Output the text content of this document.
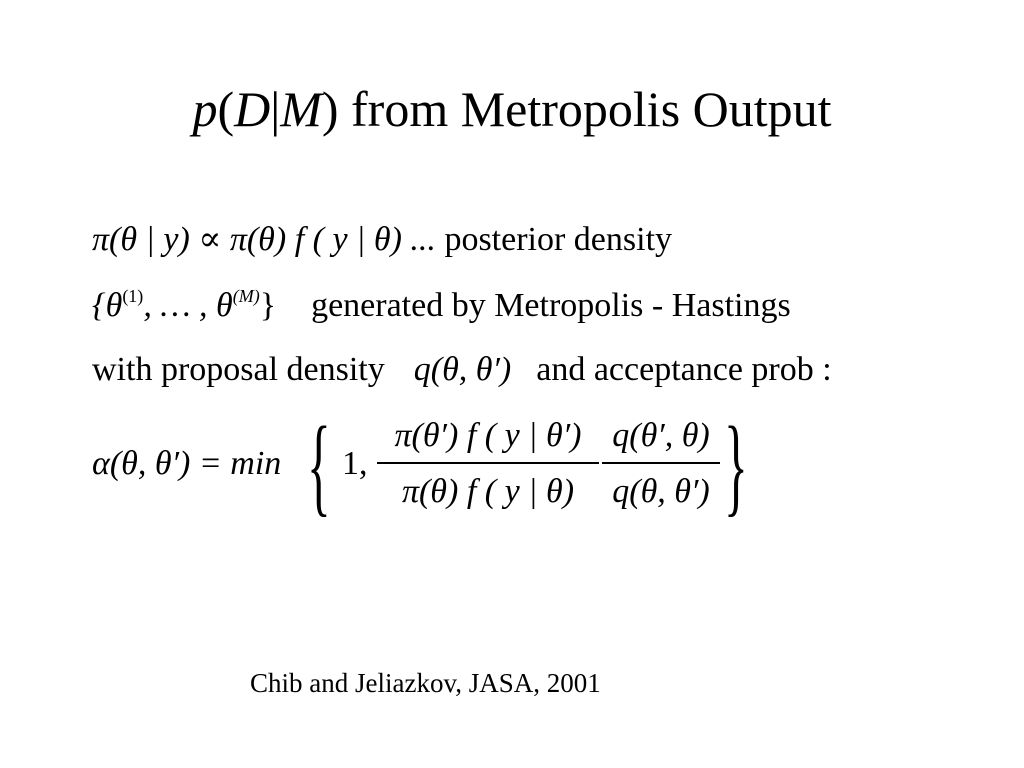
p(D|M) from Metropolis Output
π(θ | y) ∝ π(θ) f ( y | θ) ... posterior density
{$\theta^{(1)}$, … , $\theta^{(M)}$} generated by Metropolis - Hastings
with proposal density q(θ, θ′) and acceptance prob :
α(θ, θ′) = min { 1,
π(θ′) f ( y | θ′)
π(θ) f ( y | θ)
q(θ′, θ)
q(θ, θ′) }
Chib and Jeliazkov, JASA, 2001
